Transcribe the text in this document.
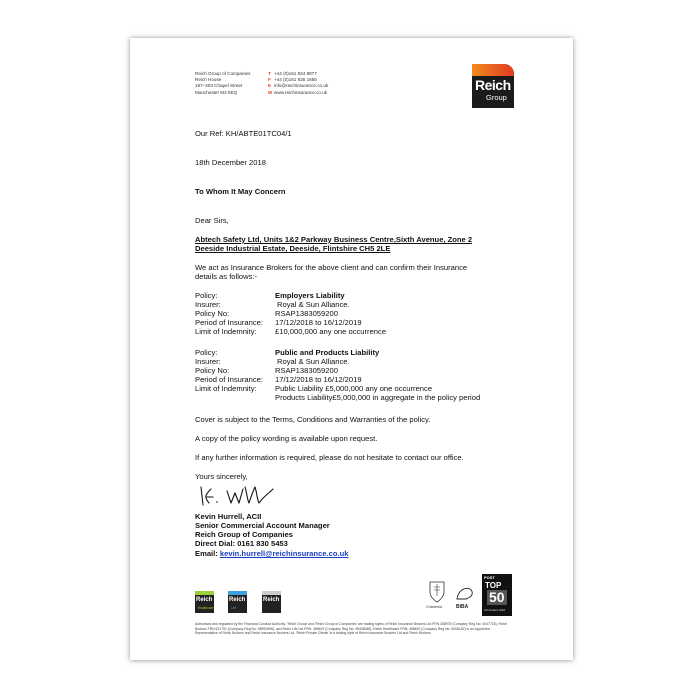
Reich Group of Companies
Reich House
197–203 Chapel Street
Manchester M3 5EQ
T +44 (0)161 834 8877
F +44 (0)161 835 1656
E info@reichinsurance.co.uk
W www.reichinsurance.co.uk	Reich
Group
Our Ref: KH/ABTE01TC04/1
18th December 2018
To Whom It May Concern
Dear Sirs,
Abtech Safety Ltd, Units 1&2 Parkway Business Centre,Sixth Avenue, Zone 2
Deeside Industrial Estate, Deeside, Flintshire CH5 2LE
We act as Insurance Brokers for the above client and can confirm their Insurance
details as follows:-
Policy:	Employers Liability
Insurer:	Royal & Sun Alliance.
Policy No:	RSAP1383059200
Period of Insurance: 17/12/2018 to 16/12/2019
Limit of Indemnity: £10,000,000 any one occurrence
Policy:	Public and Products Liability
Insurer:	Royal & Sun Alliance.
Policy No:	RSAP1383059200
Period of Insurance: 17/12/2018 to 16/12/2019
Limit of Indemnity: Public Liability £5,000,000 any one occurrence
Products Liability£5,000,000 in aggregate in the policy period
Cover is subject to the Terms, Conditions and Warranties of the policy.
A copy of the policy wording is available upon request.
If any further information is required, please do not hesitate to contact our office.
Yours sincerely,
Kevin Hurrell, ACII
Senior Commercial Account Manager
Reich Group of Companies
Direct Dial: 0161 830 5453
Email: kevin.hurrell@reichinsurance.co.uk
Reich
Healthcare
Reich
Life
Reich
Chartered	BIBA
POST
TOP
50
UK brokers 2018
Authorised and regulated by the Financial Conduct Authority. 'Reich Group' and 'Reich Group of Companies' are trading styles of Reich Insurance Brokers Ltd FRN 308978 (Company Reg No: 4047718), Reich Brokers FRN 621751 (Company Reg No: 08992896), and Reich Life Ltd FRN: 488619 (Company Reg No: 06408048). Reich Healthcare FRN: 488619 (Company Reg No: 6008162) is an Appointed Representative of Reich Brokers and Reich Insurance Brokers Ltd. 'Reich Private Clients' is a trading style of Reich Insurance Brokers Ltd and Reich Brokers.
